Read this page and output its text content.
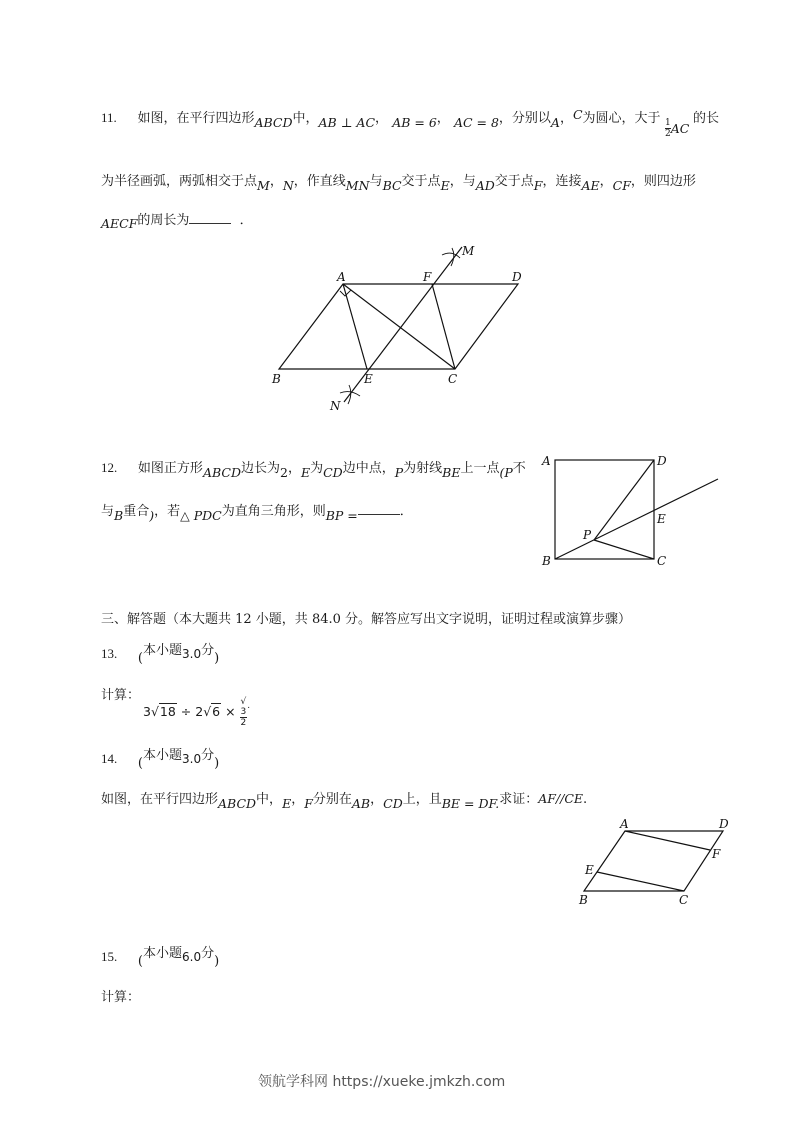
11. 如图，在平行四边形ABCD中，AB ⊥ AC， AB = 6， AC = 8，分别以A，C为圆心，大于 $\frac{1}{2}$ AC
的长
为半径画弧，两弧相交于点M，N，作直线MN与BC交于点E，与AD交于点F，连接AE，CF，则四边形
AECF的周长为	．
A
B	C
D
E
F
M
N
12. 如图正方形ABCD边长为2，E为CD边中点，P为射线BE上一点(P不
与B重合)，若△ PDC为直角三角形，则BP =	．
A
B	C
D
E
P
三、解答题（本大题共 12 小题，共 84.0 分。解答应写出文字说明，证明过程或演算步骤）
13. (本小题3.0分)
计算：
3√18 ÷ 2√6 × √
3
2 .
14. (本小题3.0分)
如图，在平行四边形ABCD中，E，F分别在AB，CD上，且BE = DF.求证：AF//CE.
A
B	C
D
E
F
15. (本小题6.0分)
计算：
领航学科网 https://xueke.jmkzh.com
